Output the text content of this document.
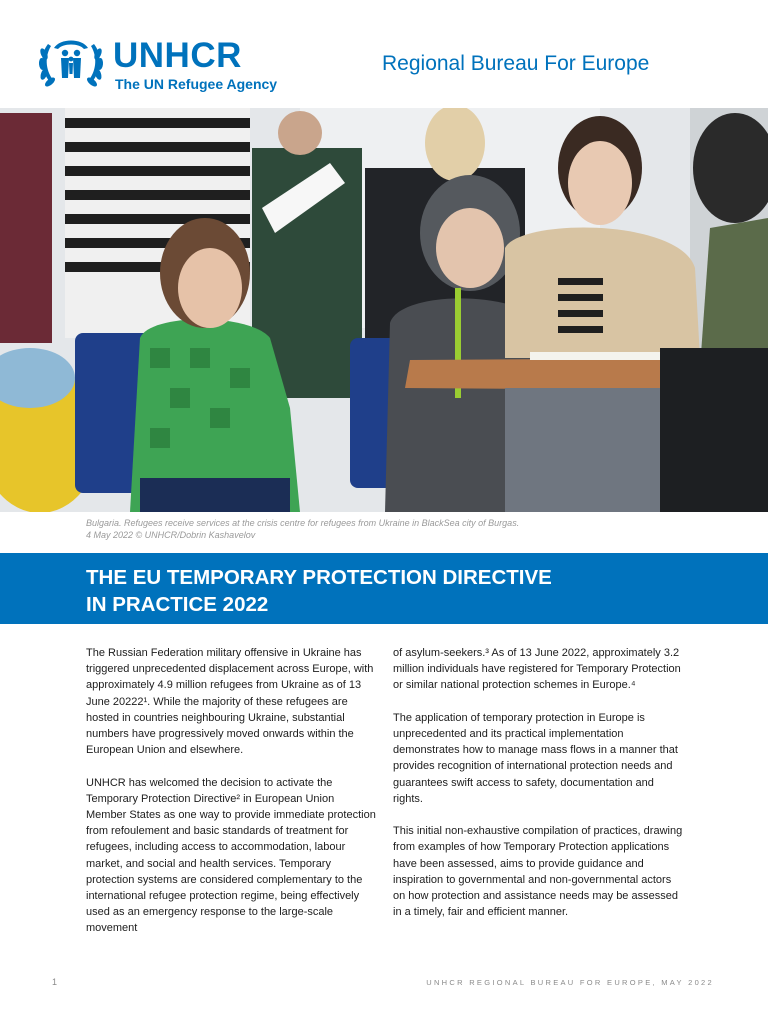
UNHCR
The UN Refugee Agency
Regional Bureau For Europe
Bulgaria. Refugees receive services at the crisis centre for refugees from Ukraine in BlackSea city of Burgas.
4 May 2022 © UNHCR/Dobrin Kashavelov
THE EU TEMPORARY PROTECTION DIRECTIVE
IN PRACTICE 2022

The Russian Federation military offensive in Ukraine has triggered unprecedented displacement across Europe, with approximately 4.9 million refugees from Ukraine as of 13 June 20222¹. While the majority of these refugees are hosted in countries neighbouring Ukraine, substantial numbers have progressively moved onwards within the European Union and elsewhere.

UNHCR has welcomed the decision to activate the Temporary Protection Directive² in European Union Member States as one way to provide immediate protection from refoulement and basic standards of treatment for refugees, including access to accommodation, labour market, and social and health services. Temporary protection systems are considered complementary to the international refugee protection regime, being effectively used as an emergency response to the large-scale movement

of asylum-seekers.³ As of 13 June 2022, approximately 3.2 million individuals have registered for Temporary Protection or similar national protection schemes in Europe.⁴

The application of temporary protection in Europe is unprecedented and its practical implementation demonstrates how to manage mass flows in a manner that provides recognition of international protection needs and guarantees swift access to safety, documentation and rights.

This initial non-exhaustive compilation of practices, drawing from examples of how Temporary Protection applications have been assessed, aims to provide guidance and inspiration to governmental and non-governmental actors on how protection and assistance needs may be assessed in a timely, fair and efficient manner.

1	UNHCR REGIONAL BUREAU FOR EUROPE, MAY 2022
